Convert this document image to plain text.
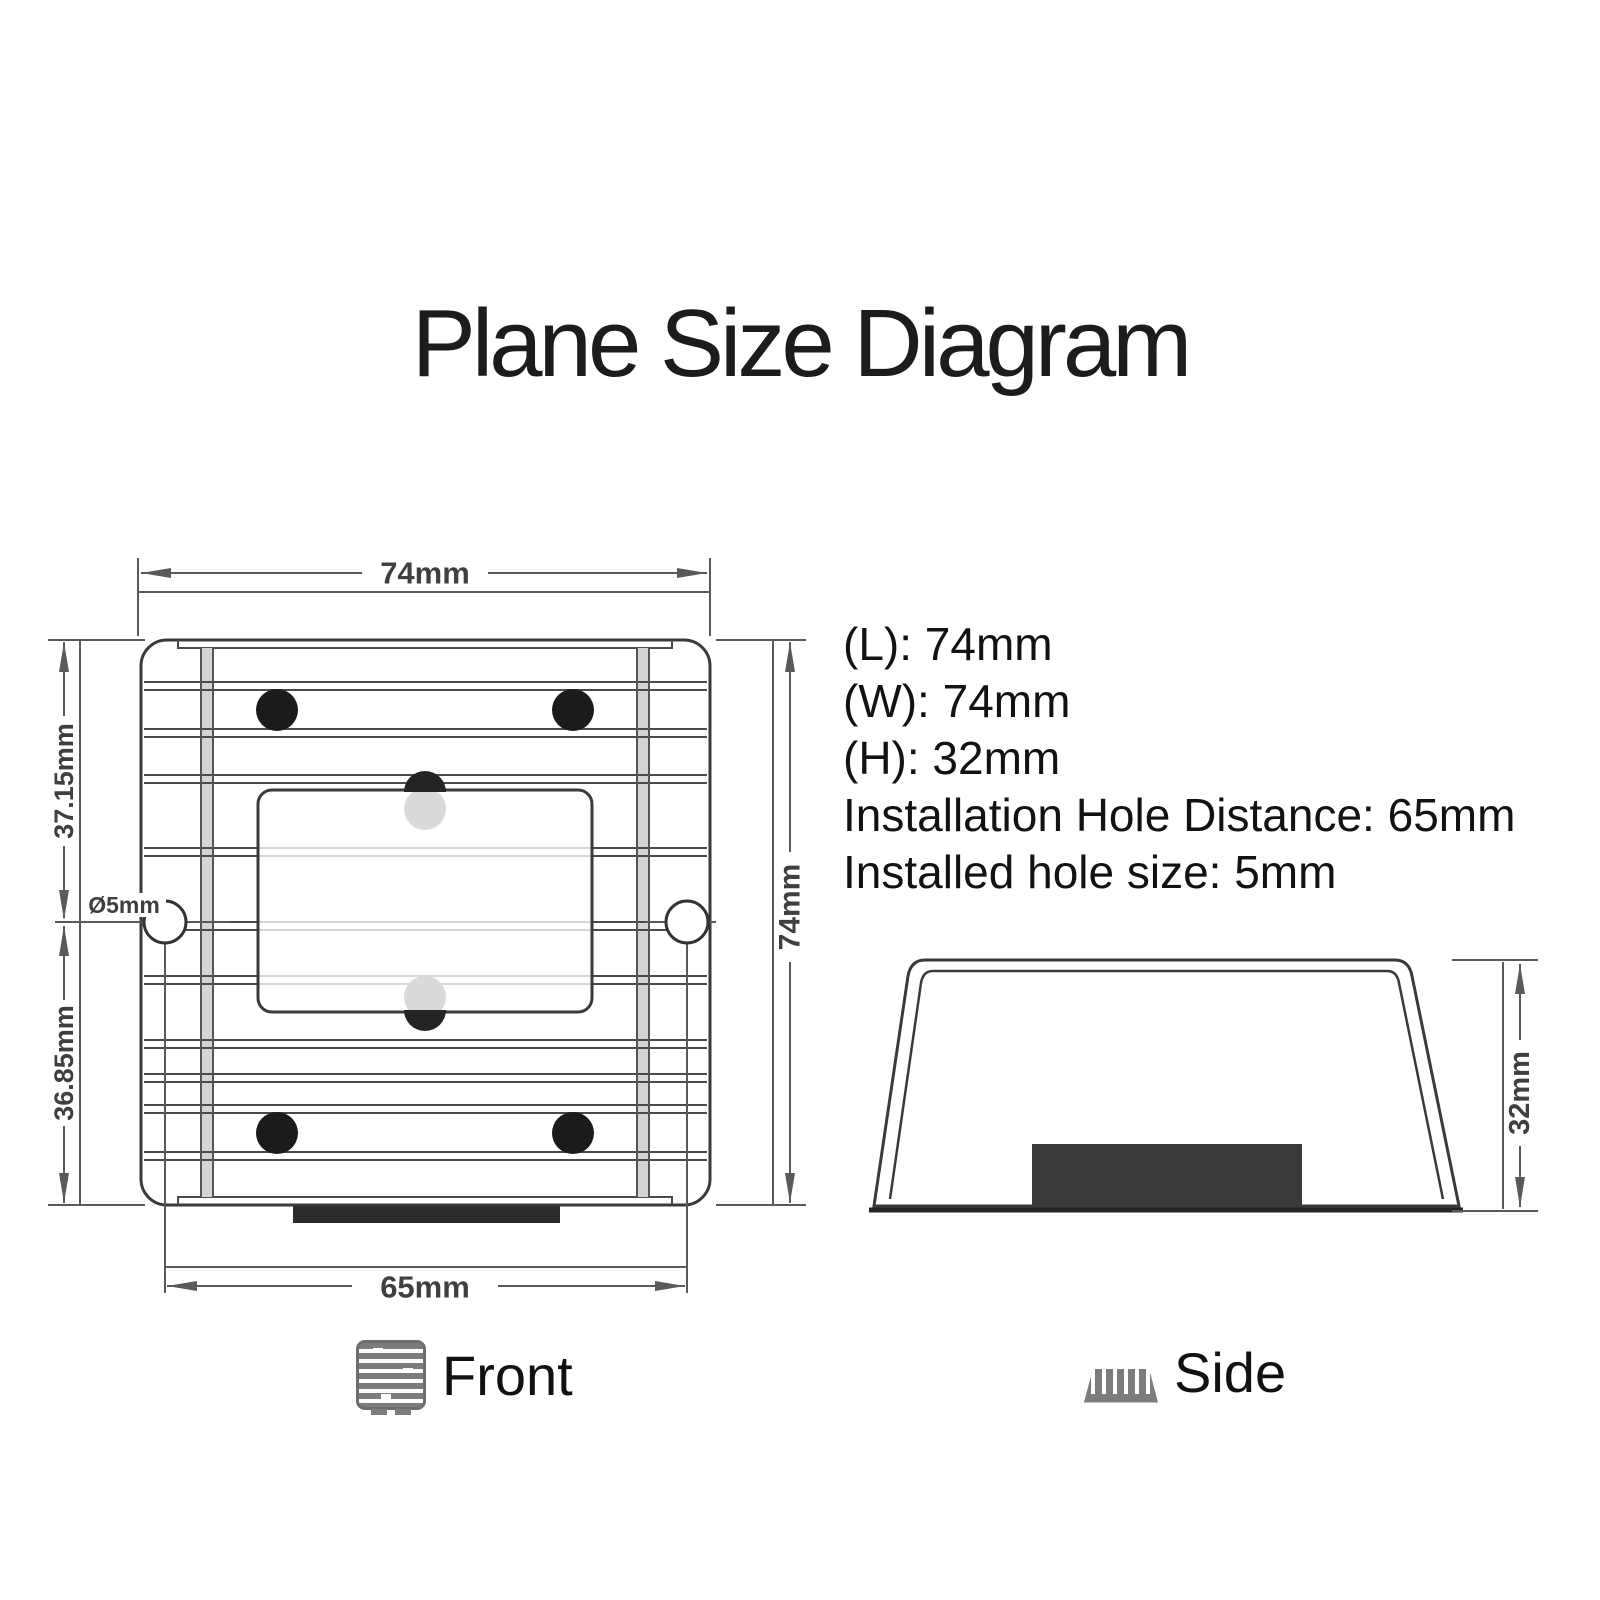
Plane Size Diagram
74mm
37.15mm
36.85mm
Ø5mm	74mm
65mm
32mm
(L): 74mm
(W): 74mm
(H): 32mm
Installation Hole Distance: 65mm
Installed hole size: 5mm
Front	Side
